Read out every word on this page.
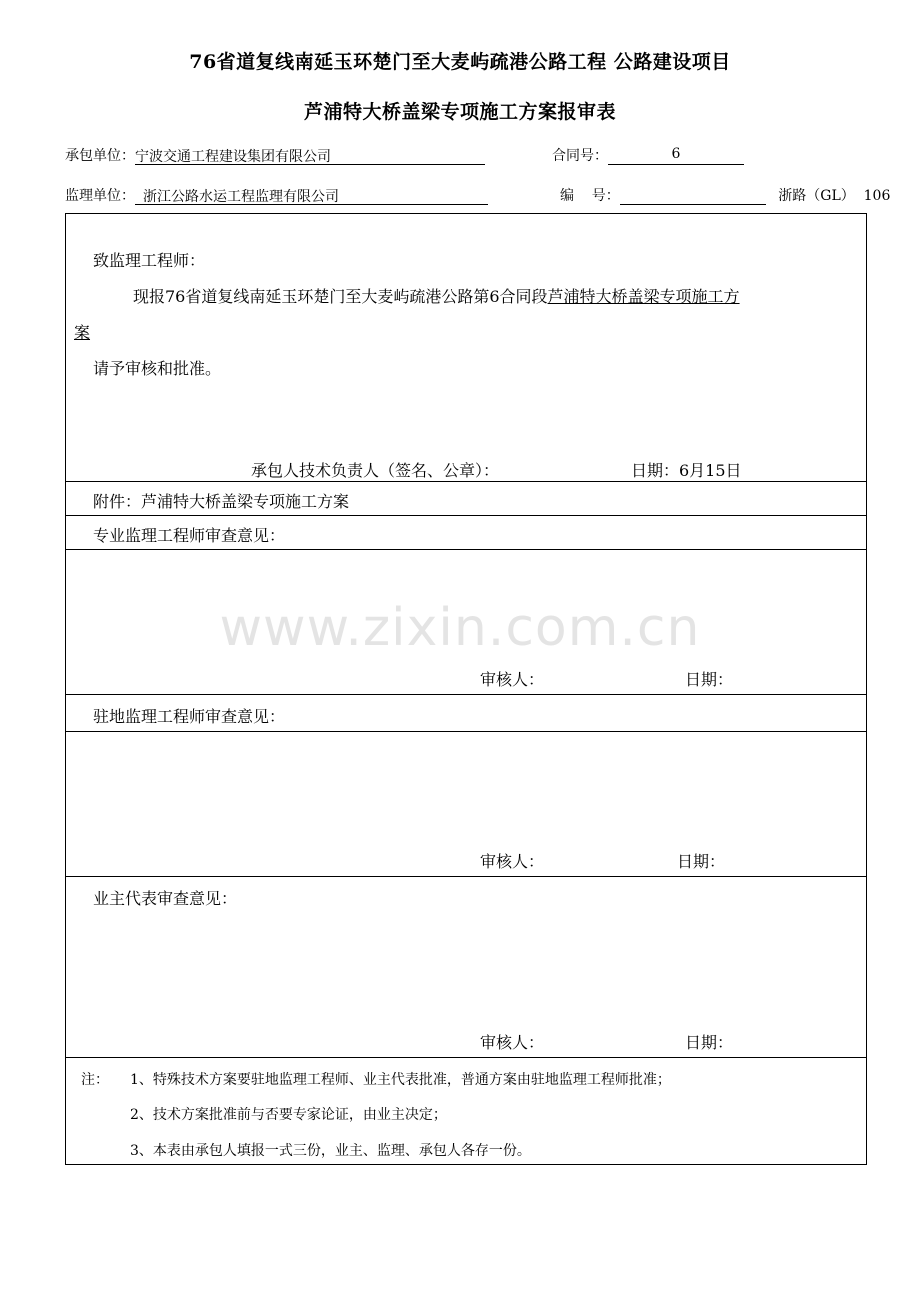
76省道复线南延玉环楚门至大麦屿疏港公路工程 公路建设项目
芦浦特大桥盖梁专项施工方案报审表
承包单位：宁波交通工程建设集团有限公司	合同号：	6
监理单位： 浙江公路水运工程监理有限公司	编    号：	浙路（GL）  106
致监理工程师：
现报76省道复线南延玉环楚门至大麦屿疏港公路第6合同段芦浦特大桥盖梁专项施工方
案
请予审核和批准。
承包人技术负责人（签名、公章）：	日期：6月15日
附件：芦浦特大桥盖梁专项施工方案
专业监理工程师审查意见：
审核人：	日期：
驻地监理工程师审查意见：
审核人：	日期：
业主代表审查意见：
审核人：	日期：
注： 1、特殊技术方案要驻地监理工程师、业主代表批准，普通方案由驻地监理工程师批准；
2、技术方案批准前与否要专家论证，由业主决定；
3、本表由承包人填报一式三份，业主、监理、承包人各存一份。
www.zixin.com.cn
